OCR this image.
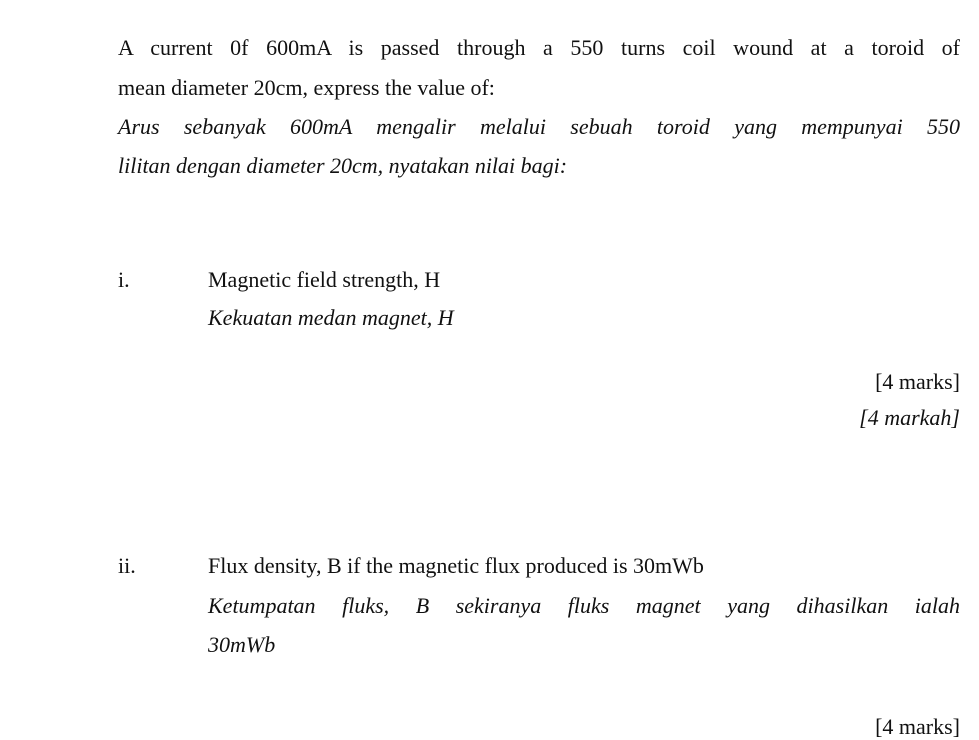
A current 0f 600mA is passed through a 550 turns coil wound at a toroid of
mean diameter 20cm, express the value of:
Arus sebanyak 600mA mengalir melalui sebuah toroid yang mempunyai 550
lilitan dengan diameter 20cm, nyatakan nilai bagi:
i.	Magnetic field strength, H
Kekuatan medan magnet, H
[4 marks]
[4 markah]
ii.	Flux density, B if the magnetic flux produced is 30mWb
Ketumpatan fluks, B sekiranya fluks magnet yang dihasilkan ialah
30mWb
[4 marks]
